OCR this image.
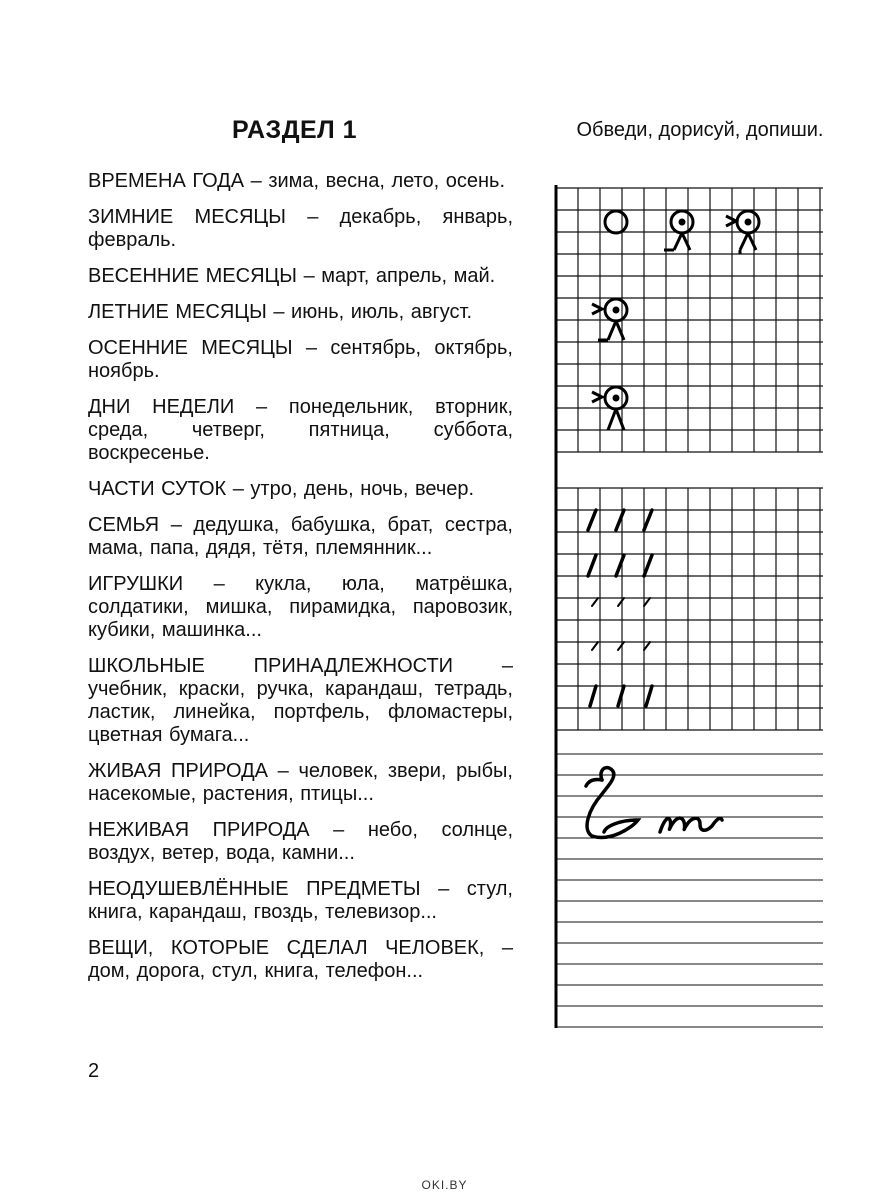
РАЗДЕЛ 1
ВРЕМЕНА ГОДА – зима, весна, лето, осень.
ЗИМНИЕ МЕСЯЦЫ – декабрь, январь, февраль.
ВЕСЕННИЕ МЕСЯЦЫ – март, апрель, май.
ЛЕТНИЕ МЕСЯЦЫ – июнь, июль, август.
ОСЕННИЕ МЕСЯЦЫ – сентябрь, октябрь, ноябрь.
ДНИ НЕДЕЛИ – понедельник, вторник, среда, четверг, пятница, суббота, воскресенье.
ЧАСТИ СУТОК – утро, день, ночь, вечер.
СЕМЬЯ – дедушка, бабушка, брат, сестра, мама, папа, дядя, тётя, племянник...
ИГРУШКИ – кукла, юла, матрёшка, солдатики, мишка, пирамидка, паровозик, кубики, машинка...
ШКОЛЬНЫЕ ПРИНАДЛЕЖНОСТИ – учебник, краски, ручка, карандаш, тетрадь, ластик, линейка, портфель, фломастеры, цветная бумага...
ЖИВАЯ ПРИРОДА – человек, звери, рыбы, насекомые, растения, птицы...
НЕЖИВАЯ ПРИРОДА – небо, солнце, воздух, ветер, вода, камни...
НЕОДУШЕВЛЁННЫЕ ПРЕДМЕТЫ – стул, книга, карандаш, гвоздь, телевизор...
ВЕЩИ, КОТОРЫЕ СДЕЛАЛ ЧЕЛОВЕК, – дом, дорога, стул, книга, телефон...
2
Обведи, дорисуй, допиши.
OKI.BY
